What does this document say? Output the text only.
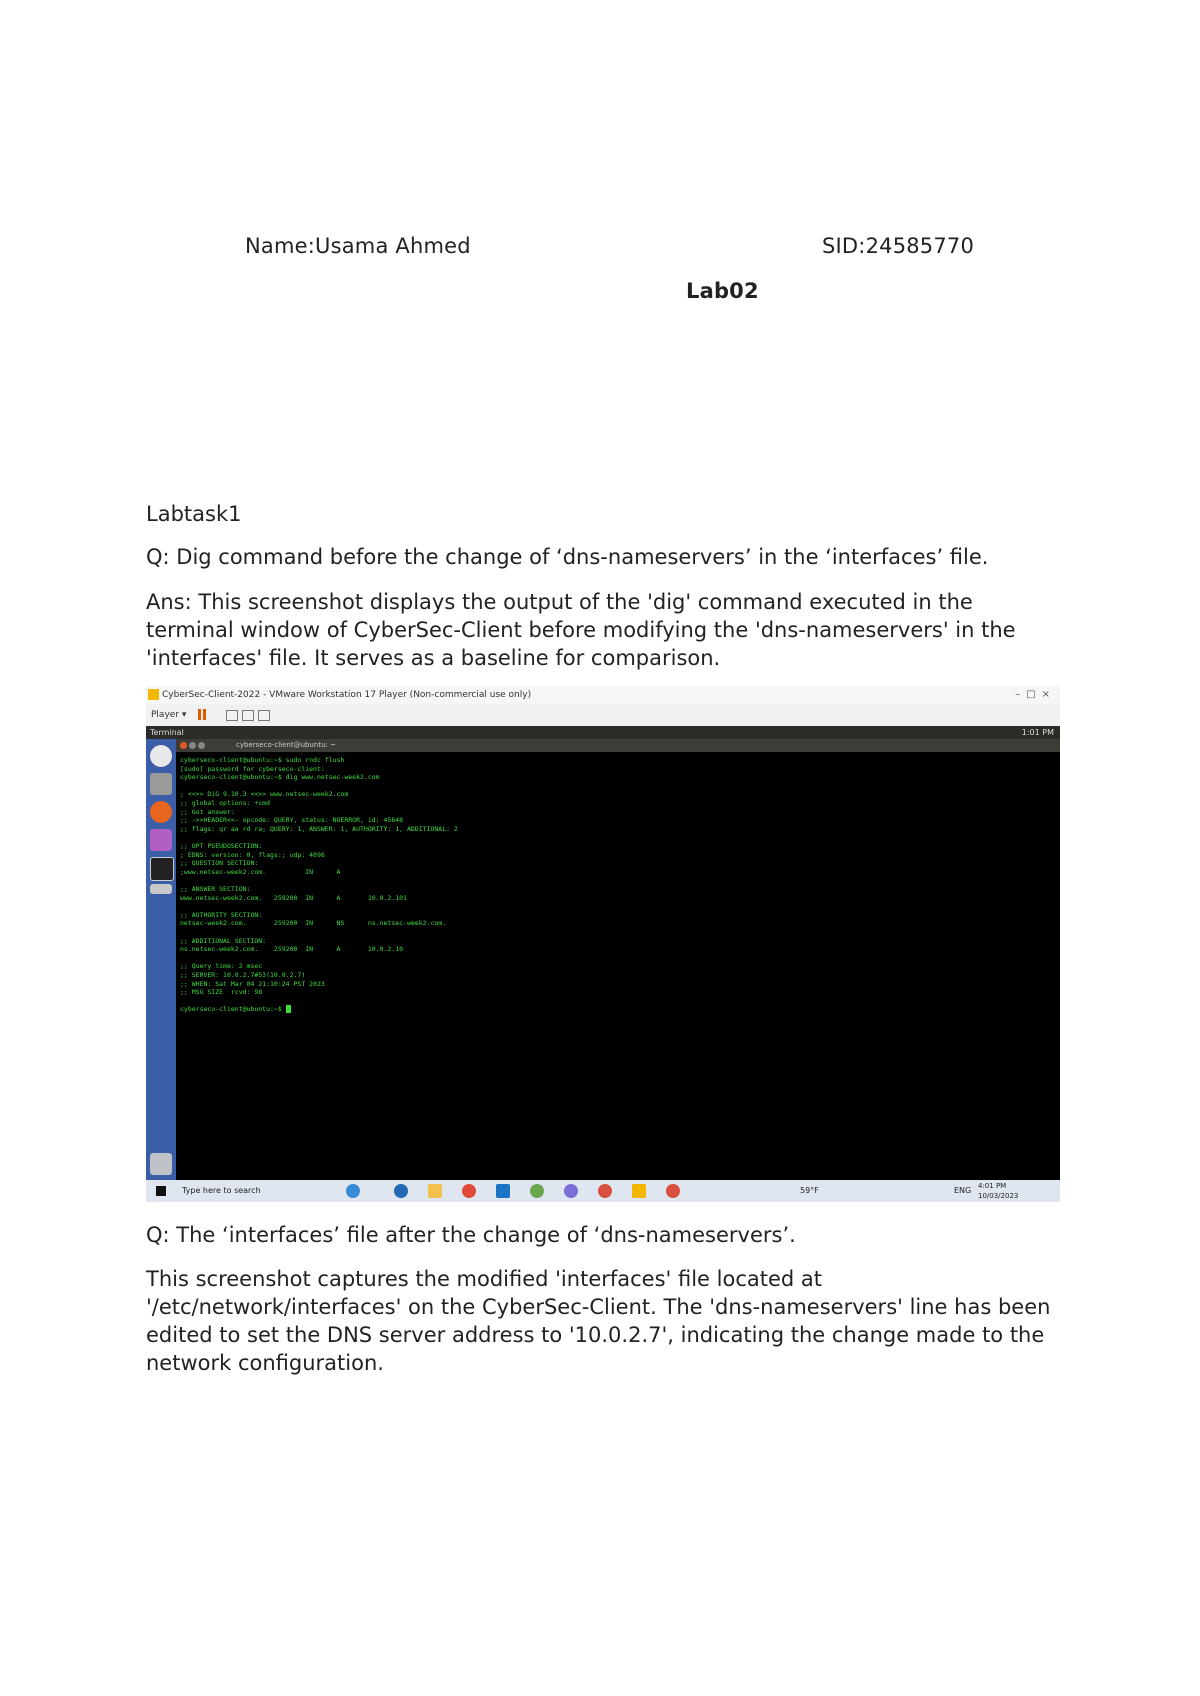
Name:Usama Ahmed	SID:24585770
Lab02
Labtask1
Q: Dig command before the change of ‘dns-nameservers’ in the ‘interfaces’ file.
Ans: This screenshot displays the output of the 'dig' command executed in the terminal window of CyberSec-Client before modifying the 'dns-nameservers' in the 'interfaces' file. It serves as a baseline for comparison.
CyberSec-Client-2022 - VMware Workstation 17 Player (Non-commercial use only)	–□×
Player ▾
Terminal	1:01 PM
cyberseco-client@ubuntu: ~
Type here to search	59°F	ENG 4:01 PM
10/03/2023
cyberseco-client@ubuntu:~$ sudo rndc flush
[sudo] password for cyberseco-client:
cyberseco-client@ubuntu:~$ dig www.netsec-week2.com
; <<>> DiG 9.10.3 <<>> www.netsec-week2.com
;; global options: +cmd
;; Got answer:
;; ->>HEADER<<- opcode: QUERY, status: NOERROR, id: 45648
;; flags: qr aa rd ra; QUERY: 1, ANSWER: 1, AUTHORITY: 1, ADDITIONAL: 2
;; OPT PSEUDOSECTION:
; EDNS: version: 0, flags:; udp: 4096
;; QUESTION SECTION:
;www.netsec-week2.com.          IN      A
;; ANSWER SECTION:
www.netsec-week2.com.   259200  IN      A       10.0.2.101
;; AUTHORITY SECTION:
netsec-week2.com.       259200  IN      NS      ns.netsec-week2.com.
;; ADDITIONAL SECTION:
ns.netsec-week2.com.    259200  IN      A       10.0.2.10
;; Query time: 2 msec
;; SERVER: 10.0.2.7#53(10.0.2.7)
;; WHEN: Sat Mar 04 21:10:24 PST 2023
;; MSG SIZE  rcvd: 98
cyberseco-client@ubuntu:~$
Q: The ‘interfaces’ file after the change of ‘dns-nameservers’.
This screenshot captures the modified 'interfaces' file located at '/etc/network/interfaces' on the CyberSec-Client. The 'dns-nameservers' line has been edited to set the DNS server address to '10.0.2.7', indicating the change made to the network configuration.
